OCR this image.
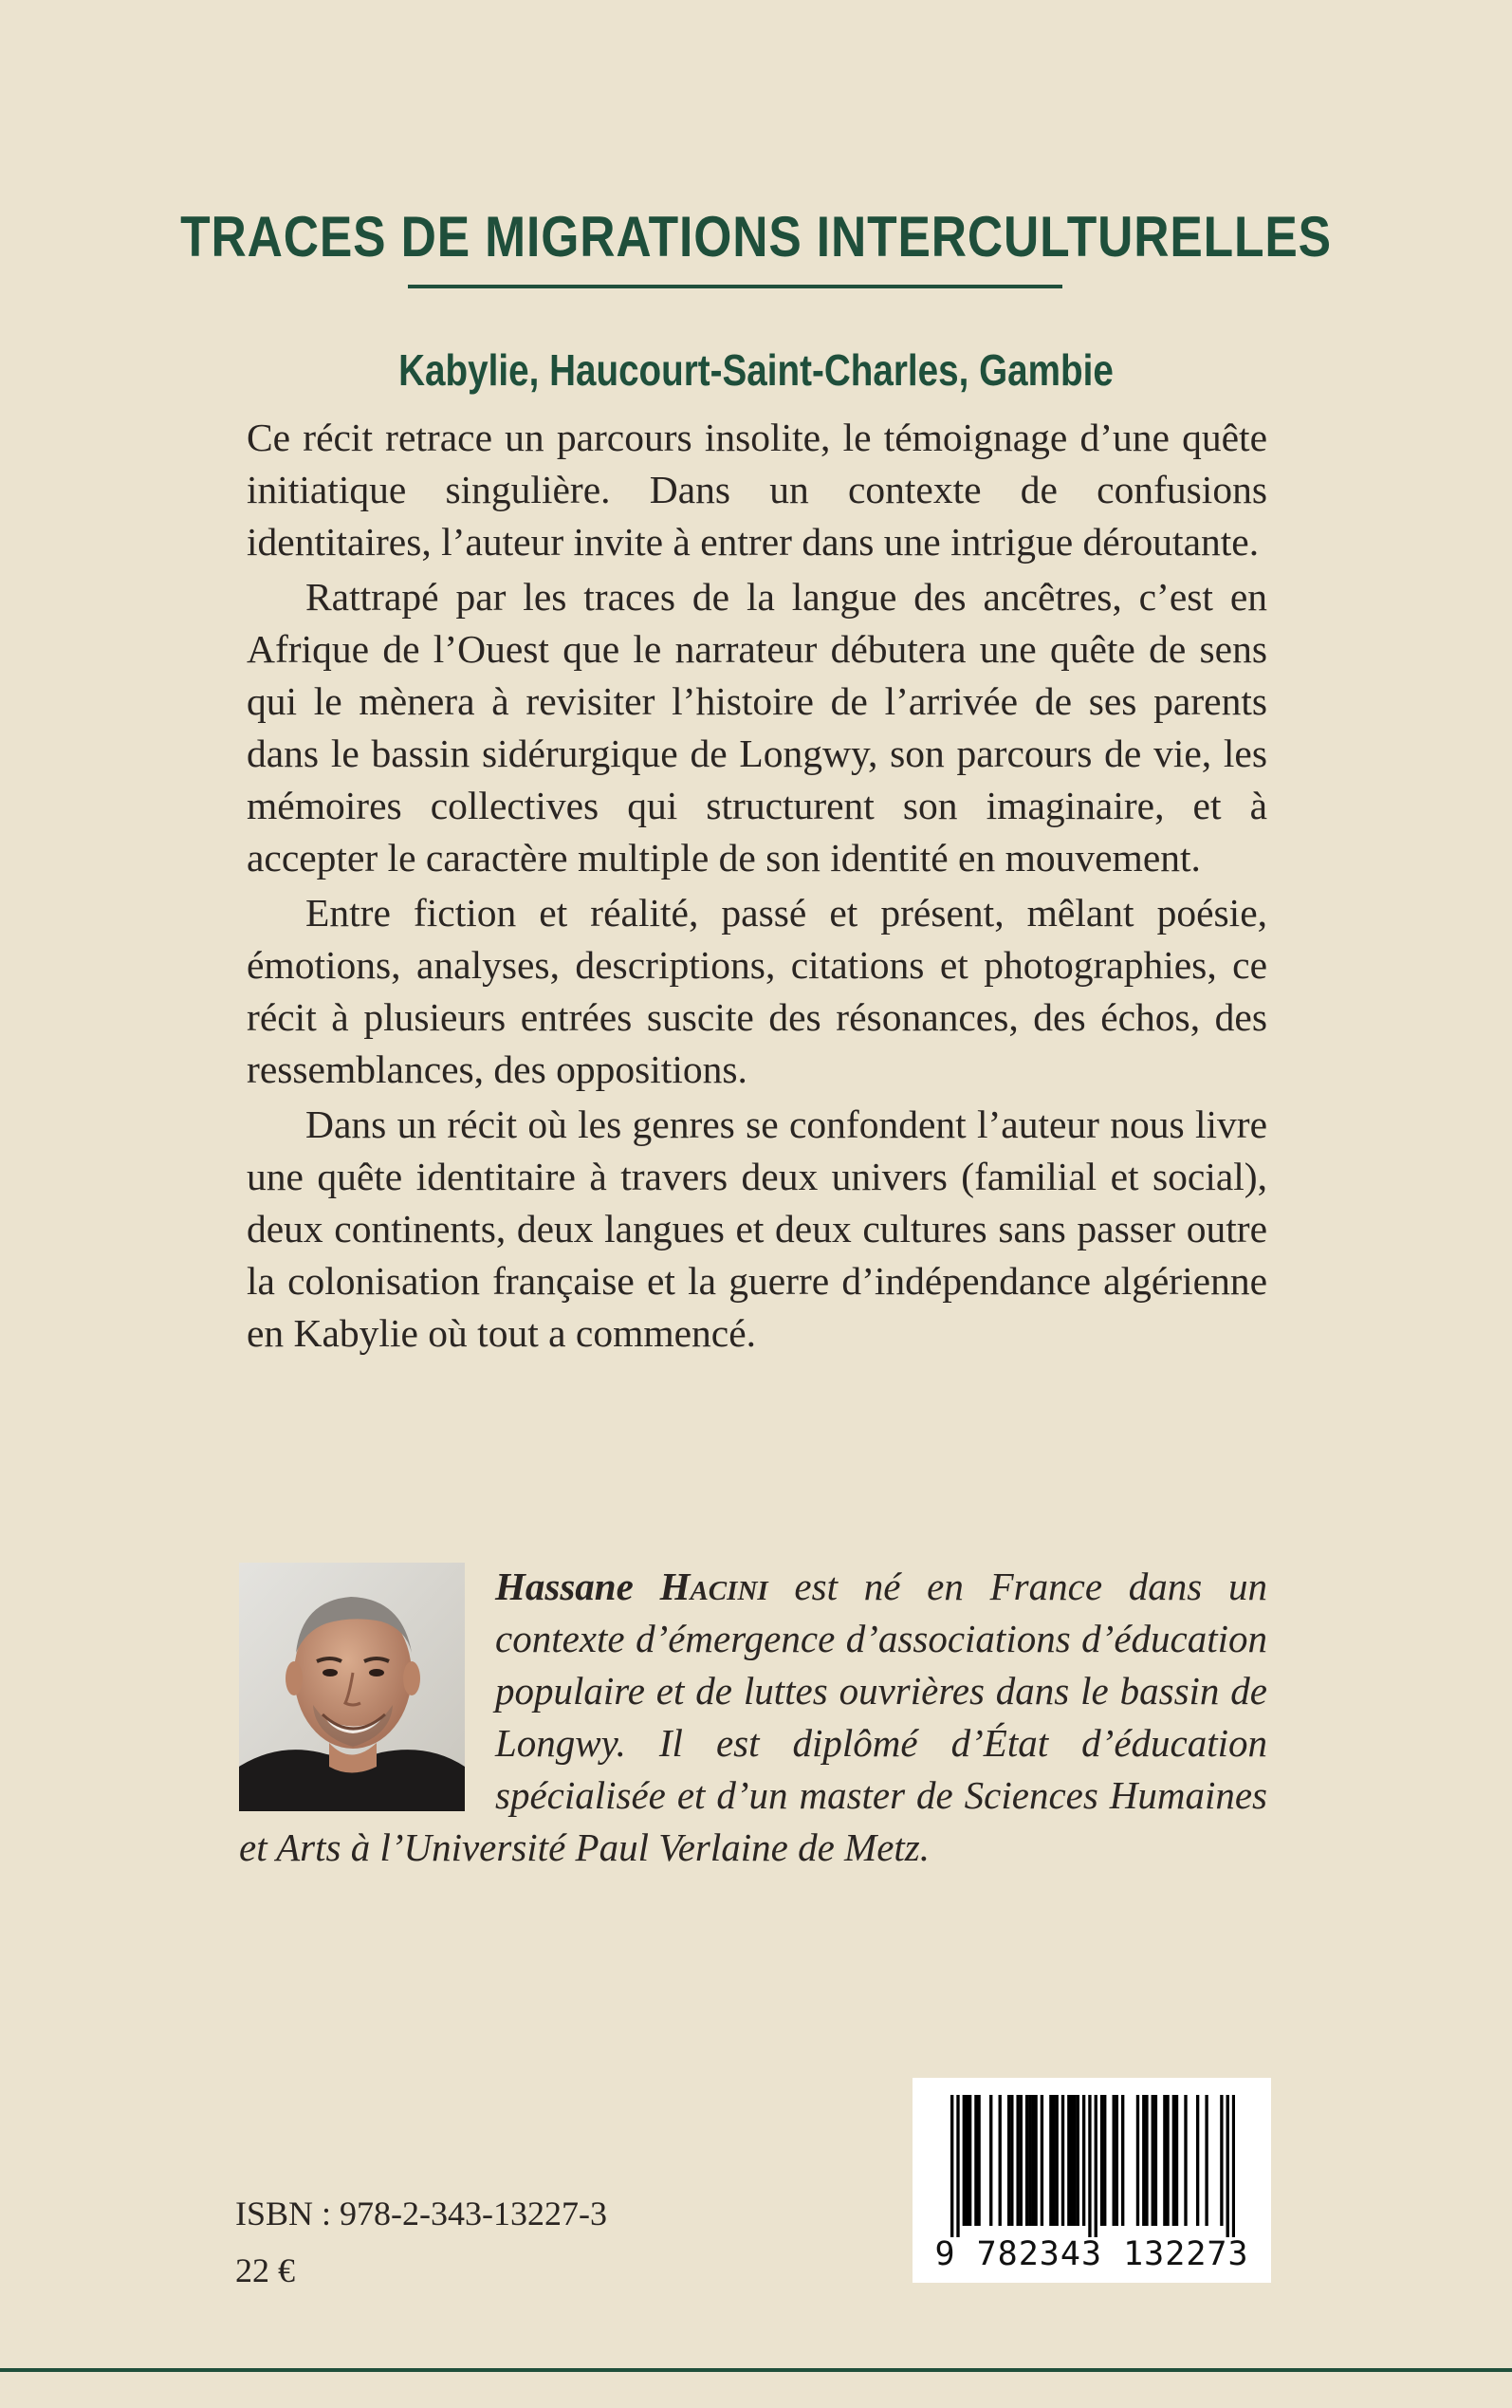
TRACES DE MIGRATIONS INTERCULTURELLES
Kabylie, Haucourt-Saint-Charles, Gambie

Ce récit retrace un parcours insolite, le témoignage d’une quête initiatique singulière. Dans un contexte de confusions identitaires, l’auteur invite à entrer dans une intrigue déroutante.

Rattrapé par les traces de la langue des ancêtres, c’est en Afrique de l’Ouest que le narrateur débutera une quête de sens qui le mènera à revisiter l’histoire de l’arrivée de ses parents dans le bassin sidérurgique de Longwy, son parcours de vie, les mémoires collectives qui structurent son imaginaire, et à accepter le caractère multiple de son identité en mouvement.

Entre fiction et réalité, passé et présent, mêlant poésie, émotions, analyses, descriptions, citations et photographies, ce récit à plusieurs entrées suscite des résonances, des échos, des ressemblances, des oppositions.

Dans un récit où les genres se confondent l’auteur nous livre une quête identitaire à travers deux univers (familial et social), deux continents, deux langues et deux cultures sans passer outre la colonisation française et la guerre d’indépendance algérienne en Kabylie où tout a commencé.

Hassane Hacini est né en France dans un contexte d’émergence d’associations d’éducation populaire et de luttes ouvrières dans le bassin de Longwy. Il est diplômé d’État d’éducation spécialisée et d’un master de Sciences Humaines et Arts à l’Université Paul Verlaine de Metz.
ISBN : 978-2-343-13227-3
22 €	9 782343 132273
